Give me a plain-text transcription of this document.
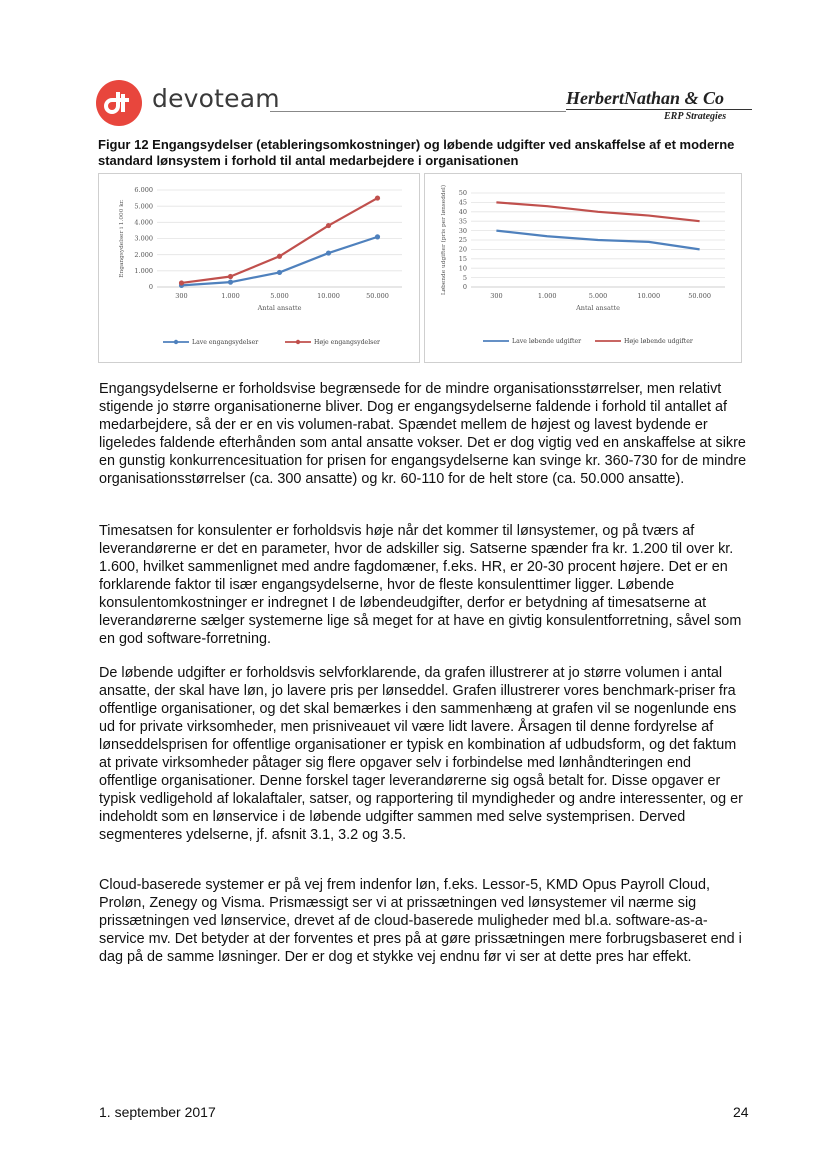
devoteam	HerbertNathan & Co
ERP Strategies
Figur 12 Engangsydelser (etableringsomkostninger) og løbende udgifter ved anskaffelse af et moderne standard lønsystem i forhold til antal medarbejdere i organisationen
0
1.000
2.000
3.000
4.000
5.000
6.000
300	1.000	5.000	10.000	50.000
Antal ansatte
Engangsydelser i 1.000 kr.
Lave engangsydelser	Høje engangsydelser
0
5
10
15
20
25
30
35
40
45
50
300	1.000	5.000	10.000	50.000
Antal ansatte
Løbende udgifter (pris per lønseddel)
Lave løbende udgifter	Høje løbende udgifter

Engangsydelserne er forholdsvise begrænsede for de mindre organisationsstørrelser, men relativt stigende jo større organisationerne bliver. Dog er engangsydelserne faldende i forhold til antallet af medarbejdere, så der er en vis volumen-rabat. Spændet mellem de højest og lavest bydende er ligeledes faldende efterhånden som antal ansatte vokser. Det er dog vigtig ved en anskaffelse at sikre en gunstig konkurrencesituation for prisen for engangsydelserne kan svinge kr. 360-730 for de mindre organisationsstørrelser (ca. 300 ansatte) og kr. 60-110 for de helt store (ca. 50.000 ansatte).

Timesatsen for konsulenter er forholdsvis høje når det kommer til lønsystemer, og på tværs af leverandørerne er det en parameter, hvor de adskiller sig. Satserne spænder fra kr. 1.200 til over kr. 1.600, hvilket sammenlignet med andre fagdomæner, f.eks. HR, er 20-30 procent højere. Det er en forklarende faktor til især engangsydelserne, hvor de fleste konsulenttimer ligger. Løbende konsulentomkostninger er indregnet I de løbendeudgifter, derfor er betydning af timesatserne at leverandørerne sælger systemerne lige så meget for at have en givtig konsulentforretning, såvel som en god software-forretning.

De løbende udgifter er forholdsvis selvforklarende, da grafen illustrerer at jo større volumen i antal ansatte, der skal have løn, jo lavere pris per lønseddel. Grafen illustrerer vores benchmark-priser fra offentlige organisationer, og det skal bemærkes i den sammenhæng at grafen vil se nogenlunde ens ud for private virksomheder, men prisniveauet vil være lidt lavere. Årsagen til denne fordyrelse af lønseddelsprisen for offentlige organisationer er typisk en kombination af udbudsform, og det faktum at private virksomheder påtager sig flere opgaver selv i forbindelse med lønhåndteringen end offentlige organisationer. Denne forskel tager leverandørerne sig også betalt for. Disse opgaver er typisk vedligehold af lokalaftaler, satser, og rapportering til myndigheder og andre interessenter, og er indeholdt som en lønservice i de løbende udgifter sammen med selve systemprisen. Derved segmenteres ydelserne, jf. afsnit 3.1, 3.2 og 3.5.

Cloud-baserede systemer er på vej frem indenfor løn, f.eks. Lessor-5, KMD Opus Payroll Cloud, Proløn, Zenegy og Visma. Prismæssigt ser vi at prissætningen ved lønsystemer vil nærme sig prissætningen ved lønservice, drevet af de cloud-baserede muligheder med bl.a. software-as-a-service mv. Det betyder at der forventes et pres på at gøre prissætningen mere forbrugsbaseret end i dag på de samme løsninger. Der er dog et stykke vej endnu før vi ser at dette pres har effekt.

1. september 2017	24
